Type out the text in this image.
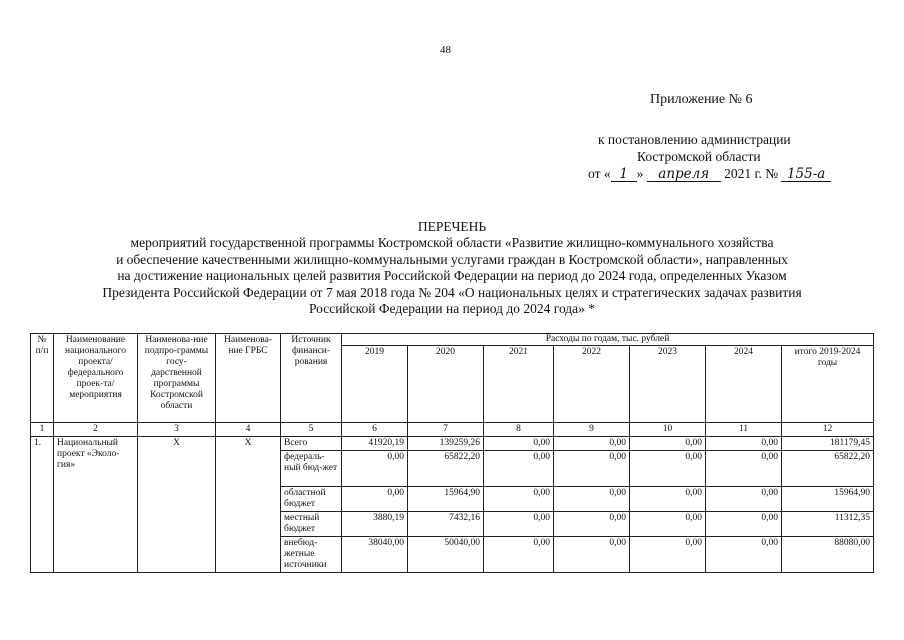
48
Приложение № 6
к постановлению администрации
Костромской области
от « 1 » апреля 2021 г. № 155-а
ПЕРЕЧЕНЬ
мероприятий государственной программы Костромской области «Развитие жилищно-коммунального хозяйства
и обеспечение качественными жилищно-коммунальными услугами граждан в Костромской области», направленных
на достижение национальных целей развития Российской Федерации на период до 2024 года, определенных Указом
Президента Российской Федерации от 7 мая 2018 года № 204 «О национальных целях и стратегических задачах развития
Российской Федерации на период до 2024 года» *
№ п/п	Наименование национального проекта/ федерального проек-та/мероприятия	Наименова-ние подпро-граммы госу-дарственной программы Костромской области	Наименова-ние ГРБС	Источник финанси-рования	Расходы по годам, тыс. рублей						
					2019	2020	2021	2022	2023	2024	итого 2019-2024 годы
1	2	3	4	5	6	7	8	9	10	11	12
1.	Национальный проект «Эколо-гия»	Х	Х	Всего	41920,19	139259,26	0,00	0,00	0,00	0,00	181179,45
				федераль-ный бюд-жет	0,00	65822,20	0,00	0,00	0,00	0,00	65822,20
				областной бюджет	0,00	15964,90	0,00	0,00	0,00	0,00	15964,90
				местный бюджет	3880,19	7432,16	0,00	0,00	0,00	0,00	11312,35
				внебюд-жетные источники	38040,00	50040,00	0,00	0,00	0,00	0,00	88080,00
